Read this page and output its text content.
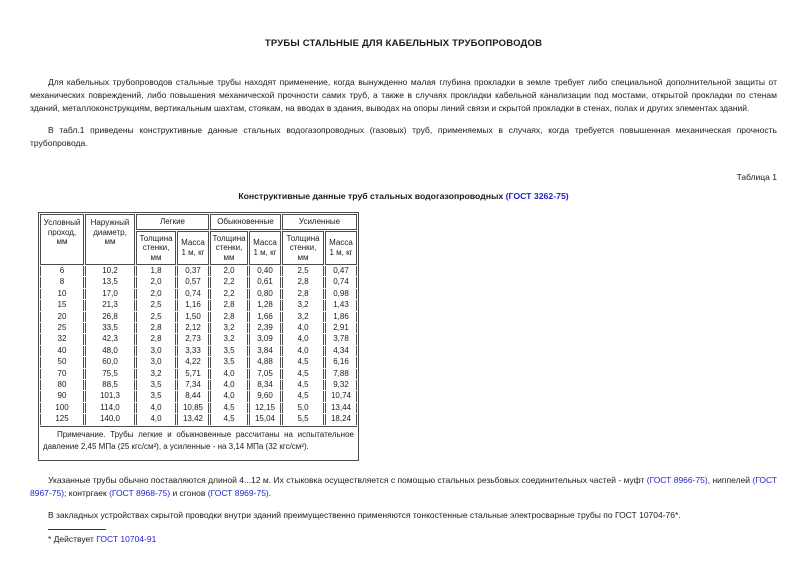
ТРУБЫ СТАЛЬНЫЕ ДЛЯ КАБЕЛЬНЫХ ТРУБОПРОВОДОВ

Для кабельных трубопроводов стальные трубы находят применение, когда вынужденно малая глубина прокладки в земле требует либо специальной дополнительной защиты от механических повреждений, либо повышения механической прочности самих труб, а также в случаях прокладки кабельной канализации под мостами, открытой прокладки по стенам зданий, металлоконструкциям, вертикальным шахтам, стоякам, на вводах в здания, выводах на опоры линий связи и скрытой прокладки в стенах, полах и других элементах зданий.

В табл.1 приведены конструктивные данные стальных водогазопроводных (газовых) труб, применяемых в случаях, когда требуется повышенная механическая прочность трубопровода.

Таблица 1
Конструктивные данные труб стальных водогазопроводных (ГОСТ 3262-75)
Условный проход, мм	Наружный диаметр, мм	Легкие		Обыкновенные		Усиленные	
		Толщина стенки, мм	Масса 1 м, кг	Толщина стенки, мм	Масса 1 м, кг	Толщина стенки, мм	Масса 1 м, кг
6	10,2	1,8	0,37	2,0	0,40	2,5	0,47
8	13,5	2,0	0,57	2,2	0,61	2,8	0,74
10	17,0	2,0	0,74	2,2	0,80	2,8	0,98
15	21,3	2,5	1,16	2,8	1,28	3,2	1,43
20	26,8	2,5	1,50	2,8	1,66	3,2	1,86
25	33,5	2,8	2,12	3,2	2,39	4,0	2,91
32	42,3	2,8	2,73	3,2	3,09	4,0	3,78
40	48,0	3,0	3,33	3,5	3,84	4,0	4,34
50	60,0	3,0	4,22	3,5	4,88	4,5	6,16
70	75,5	3,2	5,71	4,0	7,05	4,5	7,88
80	88,5	3,5	7,34	4,0	8,34	4,5	9,32
90	101,3	3,5	8,44	4,0	9,60	4,5	10,74
100	114,0	4,0	10,85	4,5	12,15	5,0	13,44
125	140,0	4,0	13,42	4,5	15,04	5,5	18,24
Примечание. Трубы легкие и обыкновенные рассчитаны на испытательное давление 2,45 МПа (25 кгс/см²), а усиленные - на 3,14 МПа (32 кгс/см²).							

Указанные трубы обычно поставляются длиной 4...12 м. Их стыковка осуществляется с помощью стальных резьбовых соединительных частей - муфт (ГОСТ 8966-75), ниппелей (ГОСТ 8967-75); контргаек (ГОСТ 8968-75) и сгонов (ГОСТ 8969-75).

В закладных устройствах скрытой проводки внутри зданий преимущественно применяются тонкостенные стальные электросварные трубы по ГОСТ 10704-76*.

* Действует ГОСТ 10704-91
